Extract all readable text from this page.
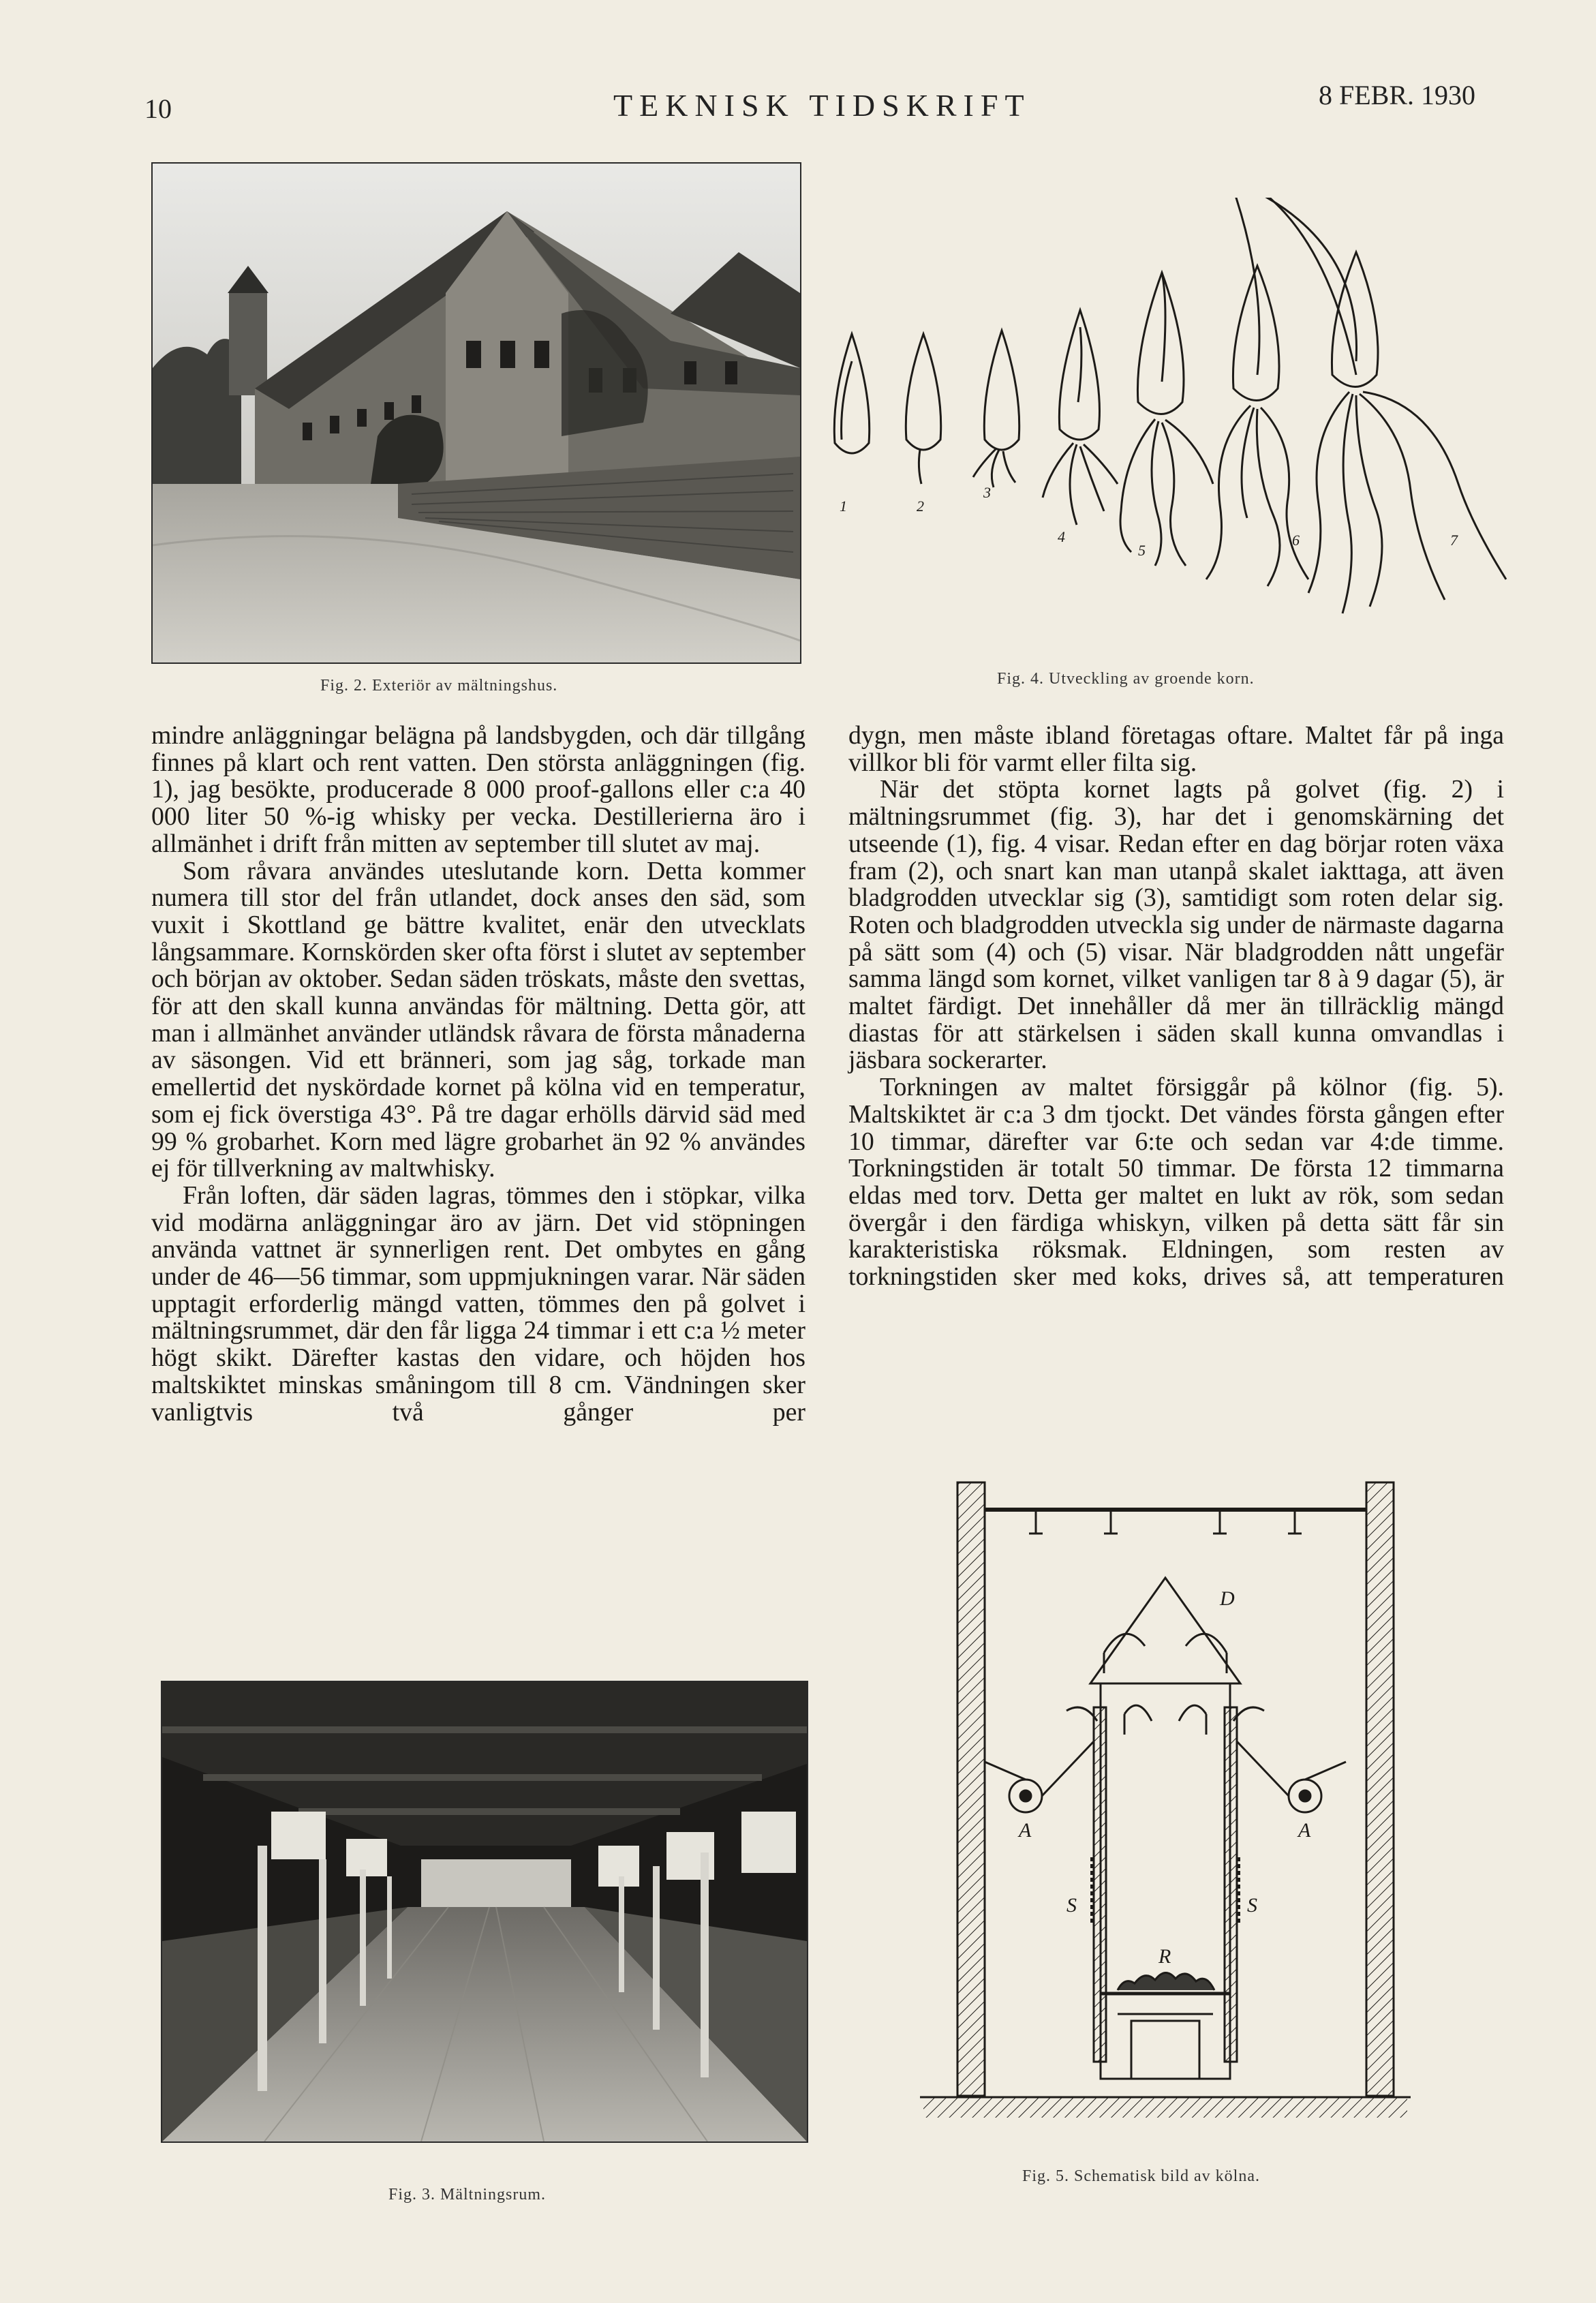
10	TEKNISK TIDSKRIFT	8 FEBR. 1930
Fig. 2. Exteriör av mältningshus.
1	2
3
4
5
6	7
Fig. 4. Utveckling av groende korn.

mindre anläggningar belägna på landsbygden, och där tillgång finnes på klart och rent vatten. Den största anläggningen (fig. 1), jag besökte, producerade 8 000 proof-gallons eller c:a 40 000 liter 50 %-ig whisky per vecka. Destillerierna äro i allmänhet i drift från mitten av september till slutet av maj.

Som råvara användes uteslutande korn. Detta kommer numera till stor del från utlandet, dock anses den säd, som vuxit i Skottland ge bättre kvalitet, enär den utvecklats långsammare. Kornskörden sker ofta först i slutet av september och början av oktober. Sedan säden tröskats, måste den svettas, för att den skall kunna användas för mältning. Detta gör, att man i allmänhet använder utländsk råvara de första månaderna av säsongen. Vid ett bränneri, som jag såg, torkade man emellertid det nyskördade kornet på kölna vid en temperatur, som ej fick överstiga 43°. På tre dagar erhölls därvid säd med 99 % grobarhet. Korn med lägre grobarhet än 92 % användes ej för tillverkning av maltwhisky.

Från loften, där säden lagras, tömmes den i stöpkar, vilka vid modärna anläggningar äro av järn. Det vid stöpningen använda vattnet är synnerligen rent. Det ombytes en gång under de 46—56 timmar, som uppmjukningen varar. När säden upptagit erforderlig mängd vatten, tömmes den på golvet i mältningsrummet, där den får ligga 24 timmar i ett c:a ½ meter högt skikt. Därefter kastas den vidare, och höjden hos maltskiktet minskas småningom till 8 cm. Vändningen sker vanligtvis två gånger per

dygn, men måste ibland företagas oftare. Maltet får på inga villkor bli för varmt eller filta sig.

När det stöpta kornet lagts på golvet (fig. 2) i mältningsrummet (fig. 3), har det i genomskärning det utseende (1), fig. 4 visar. Redan efter en dag börjar roten växa fram (2), och snart kan man utanpå skalet iakttaga, att även bladgrodden utvecklar sig (3), samtidigt som roten delar sig. Roten och bladgrodden utveckla sig under de närmaste dagarna på sätt som (4) och (5) visar. När bladgrodden nått ungefär samma längd som kornet, vilket vanligen tar 8 à 9 dagar (5), är maltet färdigt. Det innehåller då mer än tillräcklig mängd diastas för att stärkelsen i säden skall kunna omvandlas i jäsbara sockerarter.

Torkningen av maltet försiggår på kölnor (fig. 5). Maltskiktet är c:a 3 dm tjockt. Det vändes första gången efter 10 timmar, därefter var 6:te och sedan var 4:de timme. Torkningstiden är totalt 50 timmar. De första 12 timmarna eldas med torv. Detta ger maltet en lukt av rök, som sedan övergår i den färdiga whiskyn, vilken på detta sätt får sin karakteristiska röksmak. Eldningen, som resten av torkningstiden sker med koks, drives så, att temperaturen

Fig. 3. Mältningsrum.
D
A	A
S	S
R
Fig. 5. Schematisk bild av kölna.
